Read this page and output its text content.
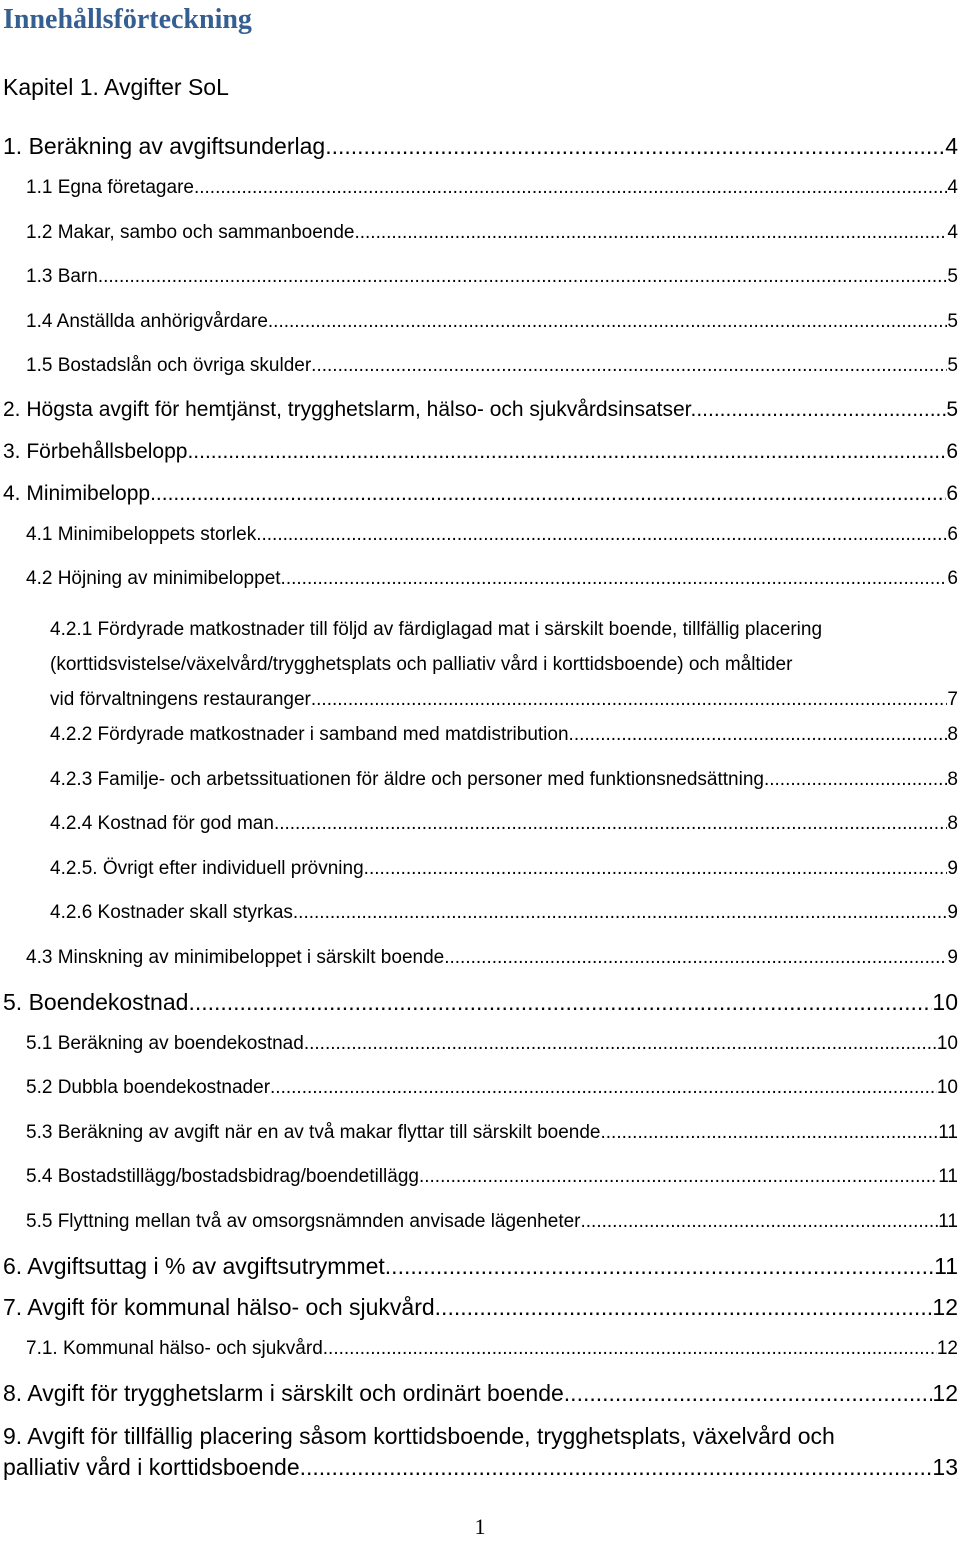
Innehållsförteckning
Kapitel 1. Avgifter SoL
1. Beräkning av avgiftsunderlag .....	4
1.1 Egna företagare .....	4
1.2 Makar, sambo och sammanboende .....	4
1.3 Barn .....	5
1.4 Anställda anhörigvårdare .....	5
1.5 Bostadslån och övriga skulder .....	5
2. Högsta avgift för hemtjänst, trygghetslarm, hälso- och sjukvårdsinsatser. .....	5
3. Förbehållsbelopp .....	6
4. Minimibelopp .....	6
4.1 Minimibeloppets storlek .....	6
4.2 Höjning av minimibeloppet .....	6
4.2.1 Fördyrade matkostnader till följd av färdiglagad mat i särskilt boende, tillfällig placering
(korttidsvistelse/växelvård/trygghetsplats och palliativ vård i korttidsboende) och måltider
vid förvaltningens restauranger .....	7
4.2.2 Fördyrade matkostnader i samband med matdistribution .....	8
4.2.3 Familje- och arbetssituationen för äldre och personer med funktionsnedsättning .....	8
4.2.4 Kostnad för god man .....	8
4.2.5. Övrigt efter individuell prövning .....	9
4.2.6 Kostnader skall styrkas .....	9
4.3 Minskning av minimibeloppet i särskilt boende .....	9
5. Boendekostnad .....	10
5.1 Beräkning av boendekostnad .....	10
5.2 Dubbla boendekostnader .....	10
5.3 Beräkning av avgift när en av två makar flyttar till särskilt boende .....	11
5.4 Bostadstillägg/bostadsbidrag/boendetillägg .....	11
5.5 Flyttning mellan två av omsorgsnämnden anvisade lägenheter .....	11
6. Avgiftsuttag i % av avgiftsutrymmet .....	11
7. Avgift för kommunal hälso- och sjukvård .....	12
7.1. Kommunal hälso- och sjukvård .....	12
8. Avgift för trygghetslarm i särskilt och ordinärt boende .....	12
9. Avgift för tillfällig placering såsom korttidsboende, trygghetsplats, växelvård och
palliativ vård i korttidsboende. .....	13
1
